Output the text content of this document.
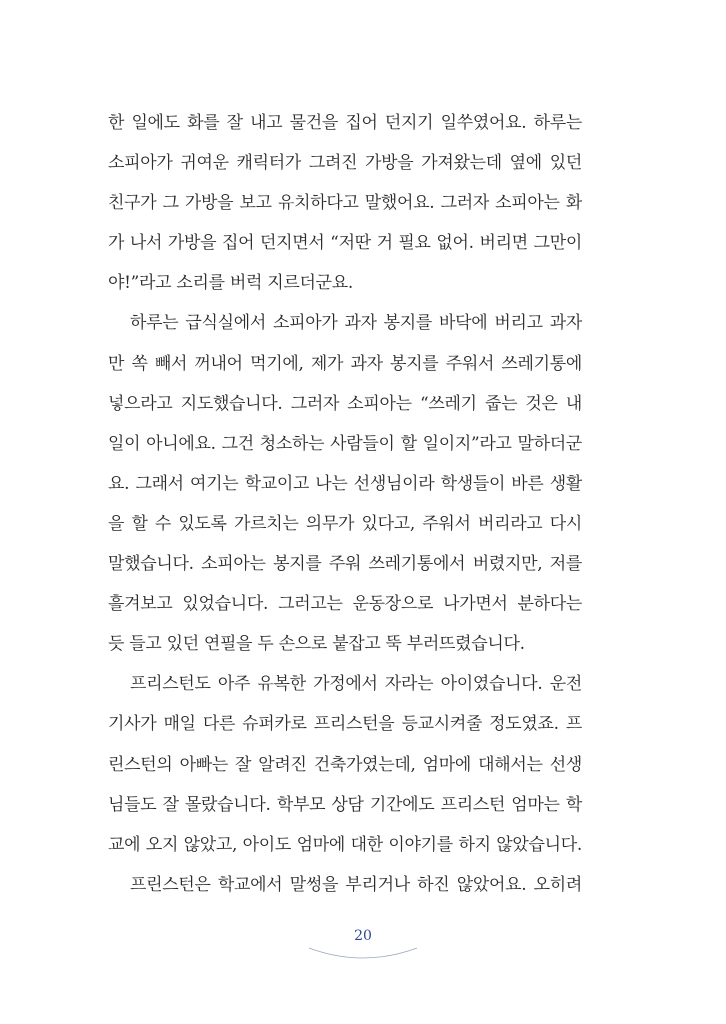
한 일에도 화를 잘 내고 물건을 집어 던지기 일쑤였어요. 하루는
소피아가 귀여운 캐릭터가 그려진 가방을 가져왔는데 옆에 있던
친구가 그 가방을 보고 유치하다고 말했어요. 그러자 소피아는 화
가 나서 가방을 집어 던지면서 “저딴 거 필요 없어. 버리면 그만이
야!”라고 소리를 버럭 지르더군요.
하루는 급식실에서 소피아가 과자 봉지를 바닥에 버리고 과자
만 쏙 빼서 꺼내어 먹기에, 제가 과자 봉지를 주워서 쓰레기통에
넣으라고 지도했습니다. 그러자 소피아는 “쓰레기 줍는 것은 내
일이 아니에요. 그건 청소하는 사람들이 할 일이지”라고 말하더군
요. 그래서 여기는 학교이고 나는 선생님이라 학생들이 바른 생활
을 할 수 있도록 가르치는 의무가 있다고, 주워서 버리라고 다시
말했습니다. 소피아는 봉지를 주워 쓰레기통에서 버렸지만, 저를
흘겨보고 있었습니다. 그러고는 운동장으로 나가면서 분하다는
듯 들고 있던 연필을 두 손으로 붙잡고 뚝 부러뜨렸습니다.
프리스턴도 아주 유복한 가정에서 자라는 아이였습니다. 운전
기사가 매일 다른 슈퍼카로 프리스턴을 등교시켜줄 정도였죠. 프
린스턴의 아빠는 잘 알려진 건축가였는데, 엄마에 대해서는 선생
님들도 잘 몰랐습니다. 학부모 상담 기간에도 프리스턴 엄마는 학
교에 오지 않았고, 아이도 엄마에 대한 이야기를 하지 않았습니다.
프린스턴은 학교에서 말썽을 부리거나 하진 않았어요. 오히려
20
